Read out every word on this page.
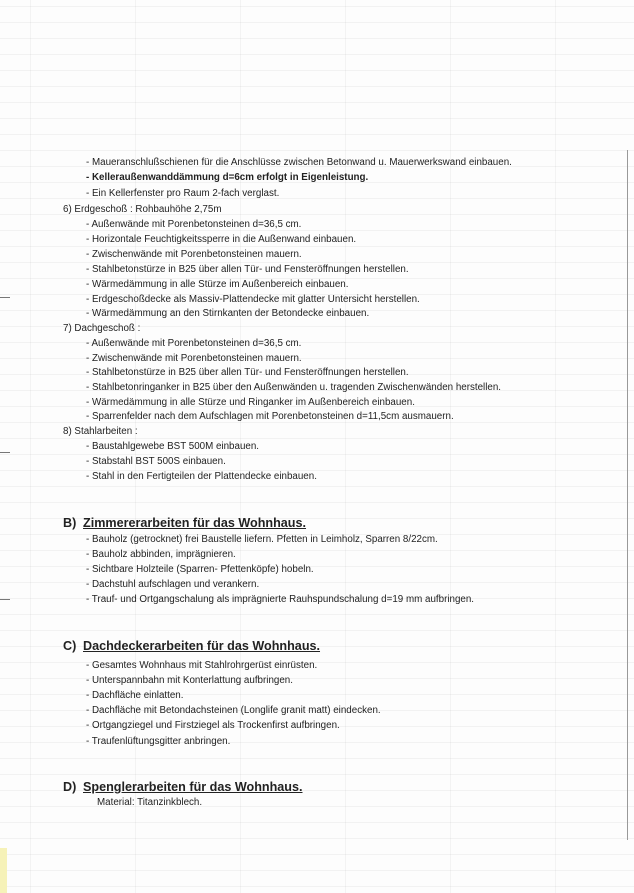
- Maueranschlußschienen für die Anschlüsse zwischen Betonwand u. Mauerwerkswand einbauen.
- Kelleraußenwanddämmung d=6cm erfolgt in Eigenleistung.
- Ein Kellerfenster pro Raum 2-fach verglast.
6) Erdgeschoß : Rohbauhöhe 2,75m
- Außenwände mit Porenbetonsteinen d=36,5 cm.
- Horizontale Feuchtigkeitssperre in die Außenwand einbauen.
- Zwischenwände mit Porenbetonsteinen mauern.
- Stahlbetonstürze in B25 über allen Tür- und Fensteröffnungen herstellen.
- Wärmedämmung in alle Stürze im Außenbereich einbauen.
- Erdgeschoßdecke als Massiv-Plattendecke mit glatter Untersicht herstellen.
- Wärmedämmung an den Stirnkanten der Betondecke einbauen.
7) Dachgeschoß :
- Außenwände mit Porenbetonsteinen d=36,5 cm.
- Zwischenwände mit Porenbetonsteinen mauern.
- Stahlbetonstürze in B25 über allen Tür- und Fensteröffnungen herstellen.
- Stahlbetonringanker in B25 über den Außenwänden u. tragenden Zwischenwänden herstellen.
- Wärmedämmung in alle Stürze und Ringanker im Außenbereich einbauen.
- Sparrenfelder nach dem Aufschlagen mit Porenbetonsteinen d=11,5cm ausmauern.
8) Stahlarbeiten :
- Baustahlgewebe BST 500M einbauen.
- Stabstahl BST 500S einbauen.
- Stahl in den Fertigteilen der Plattendecke einbauen.
B) Zimmererarbeiten für das Wohnhaus.
- Bauholz (getrocknet) frei Baustelle liefern. Pfetten in Leimholz, Sparren 8/22cm.
- Bauholz abbinden, imprägnieren.
- Sichtbare Holzteile (Sparren- Pfettenköpfe) hobeln.
- Dachstuhl aufschlagen und verankern.
- Trauf- und Ortgangschalung als imprägnierte Rauhspundschalung d=19 mm aufbringen.
C) Dachdeckerarbeiten für das Wohnhaus.
- Gesamtes Wohnhaus mit Stahlrohrgerüst einrüsten.
- Unterspannbahn mit Konterlattung aufbringen.
- Dachfläche einlatten.
- Dachfläche mit Betondachsteinen (Longlife granit matt) eindecken.
- Ortgangziegel und Firstziegel als Trockenfirst aufbringen.
- Traufenlüftungsgitter anbringen.
D) Spenglerarbeiten für das Wohnhaus.
Material: Titanzinkblech.
